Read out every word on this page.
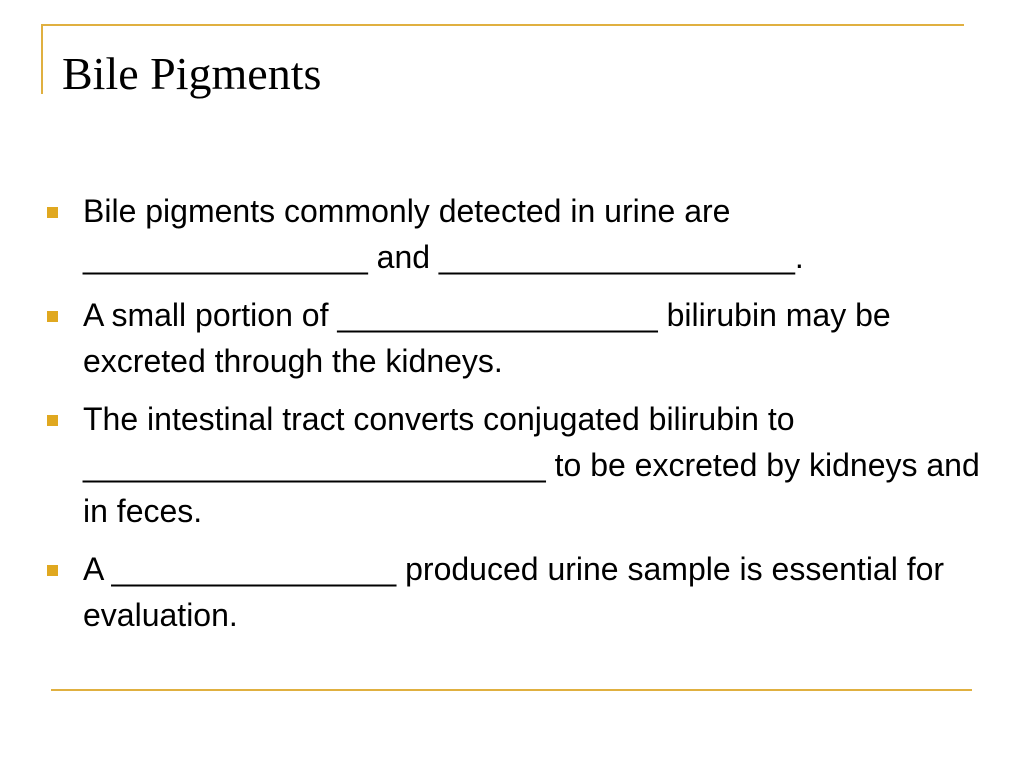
Bile Pigments
Bile pigments commonly detected in urine are ________________ and ____________________.
A small portion of __________________ bilirubin may be excreted through the kidneys.
The intestinal tract converts conjugated bilirubin to __________________________ to be excreted by kidneys and in feces.
A ________________ produced urine sample is essential for evaluation.
